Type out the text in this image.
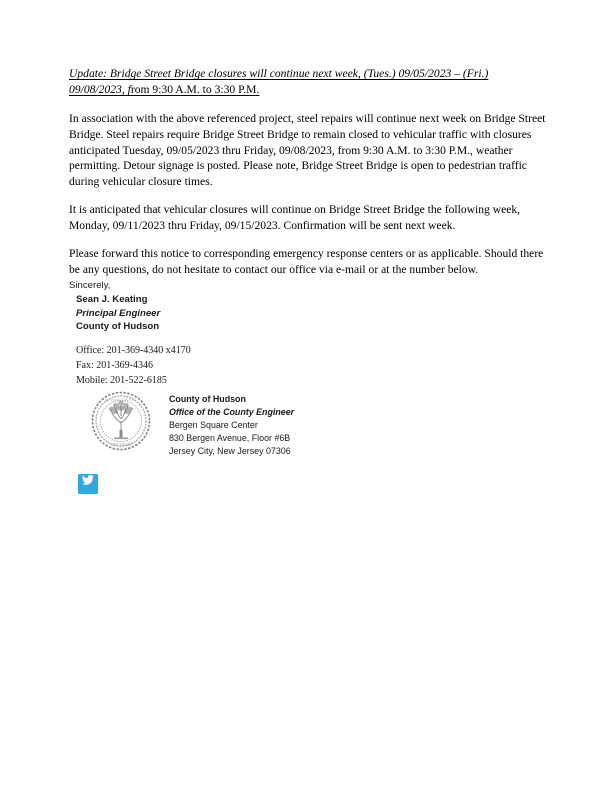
Update: Bridge Street Bridge closures will continue next week, (Tues.) 09/05/2023 – (Fri.) 09/08/2023, from 9:30 A.M. to 3:30 P.M.

In association with the above referenced project, steel repairs will continue next week on Bridge Street Bridge. Steel repairs require Bridge Street Bridge to remain closed to vehicular traffic with closures anticipated Tuesday, 09/05/2023 thru Friday, 09/08/2023, from 9:30 A.M. to 3:30 P.M., weather permitting. Detour signage is posted. Please note, Bridge Street Bridge is open to pedestrian traffic during vehicular closure times.

It is anticipated that vehicular closures will continue on Bridge Street Bridge the following week, Monday, 09/11/2023 thru Friday, 09/15/2023. Confirmation will be sent next week.

Please forward this notice to corresponding emergency response centers or as applicable. Should there be any questions, do not hesitate to contact our office via e-mail or at the number below.

Sincerely,

Sean J. Keating

Principal Engineer

County of Hudson

Office: 201-369-4340 x4170

Fax: 201-369-4346

Mobile: 201-522-6185

HUDSON COUNTY
NEW JERSEY

County of Hudson

Office of the County Engineer

Bergen Square Center

830 Bergen Avenue, Floor #6B

Jersey City, New Jersey 07306
